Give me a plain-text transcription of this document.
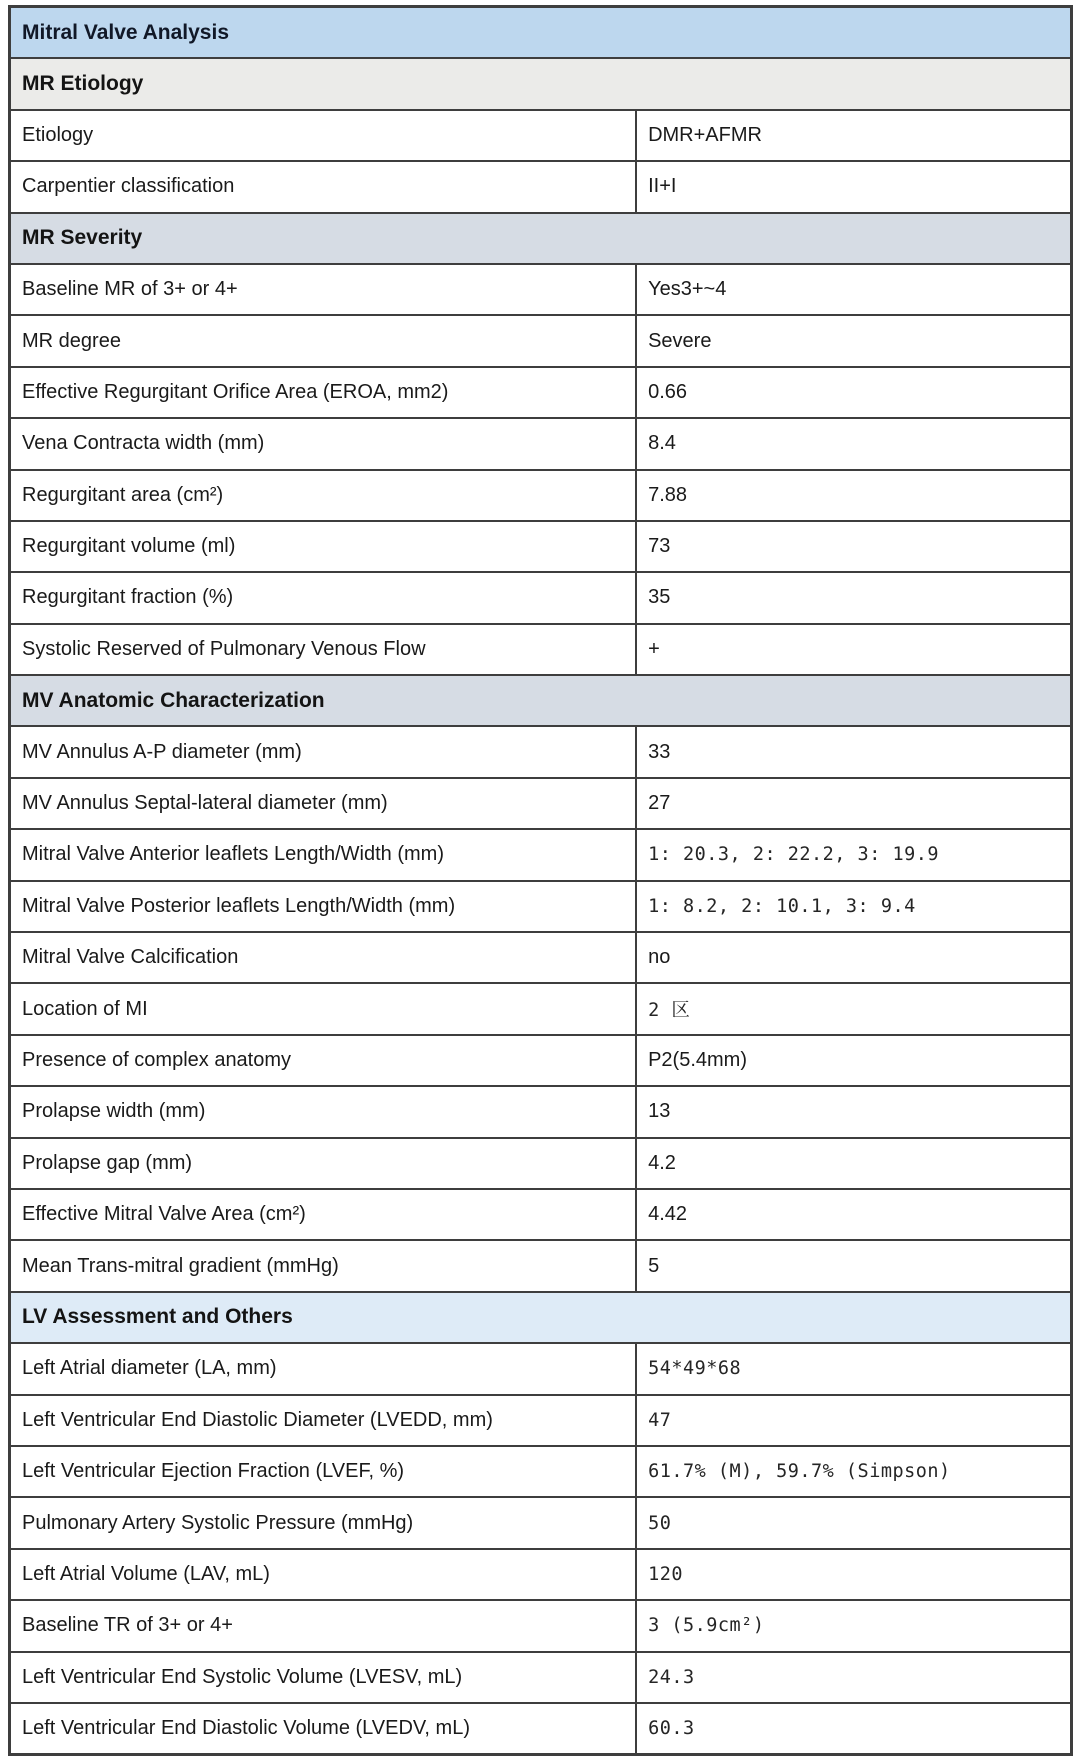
Mitral Valve Analysis	
MR Etiology	
Etiology	DMR+AFMR
Carpentier classification	II+I
MR Severity	
Baseline MR of 3+ or 4+	Yes3+~4
MR degree	Severe
Effective Regurgitant Orifice Area (EROA, mm2)	0.66
Vena Contracta width (mm)	8.4
Regurgitant area (cm²)	7.88
Regurgitant volume (ml)	73
Regurgitant fraction (%)	35
Systolic Reserved of Pulmonary Venous Flow	+
MV Anatomic Characterization	
MV Annulus A-P diameter (mm)	33
MV Annulus Septal-lateral diameter (mm)	27
Mitral Valve Anterior leaflets Length/Width (mm)	1: 20.3, 2: 22.2, 3: 19.9
Mitral Valve Posterior leaflets Length/Width (mm)	1: 8.2, 2: 10.1, 3: 9.4
Mitral Valve Calcification	no
Location of MI	2 区
Presence of complex anatomy	P2(5.4mm)
Prolapse width (mm)	13
Prolapse gap (mm)	4.2
Effective Mitral Valve Area (cm²)	4.42
Mean Trans-mitral gradient (mmHg)	5
LV Assessment and Others	
Left Atrial diameter (LA, mm)	54*49*68
Left Ventricular End Diastolic Diameter (LVEDD, mm)	47
Left Ventricular Ejection Fraction (LVEF, %)	61.7% (M), 59.7% (Simpson)
Pulmonary Artery Systolic Pressure (mmHg)	50
Left Atrial Volume (LAV, mL)	120
Baseline TR of 3+ or 4+	3 (5.9cm²)
Left Ventricular End Systolic Volume (LVESV, mL)	24.3
Left Ventricular End Diastolic Volume (LVEDV, mL)	60.3
